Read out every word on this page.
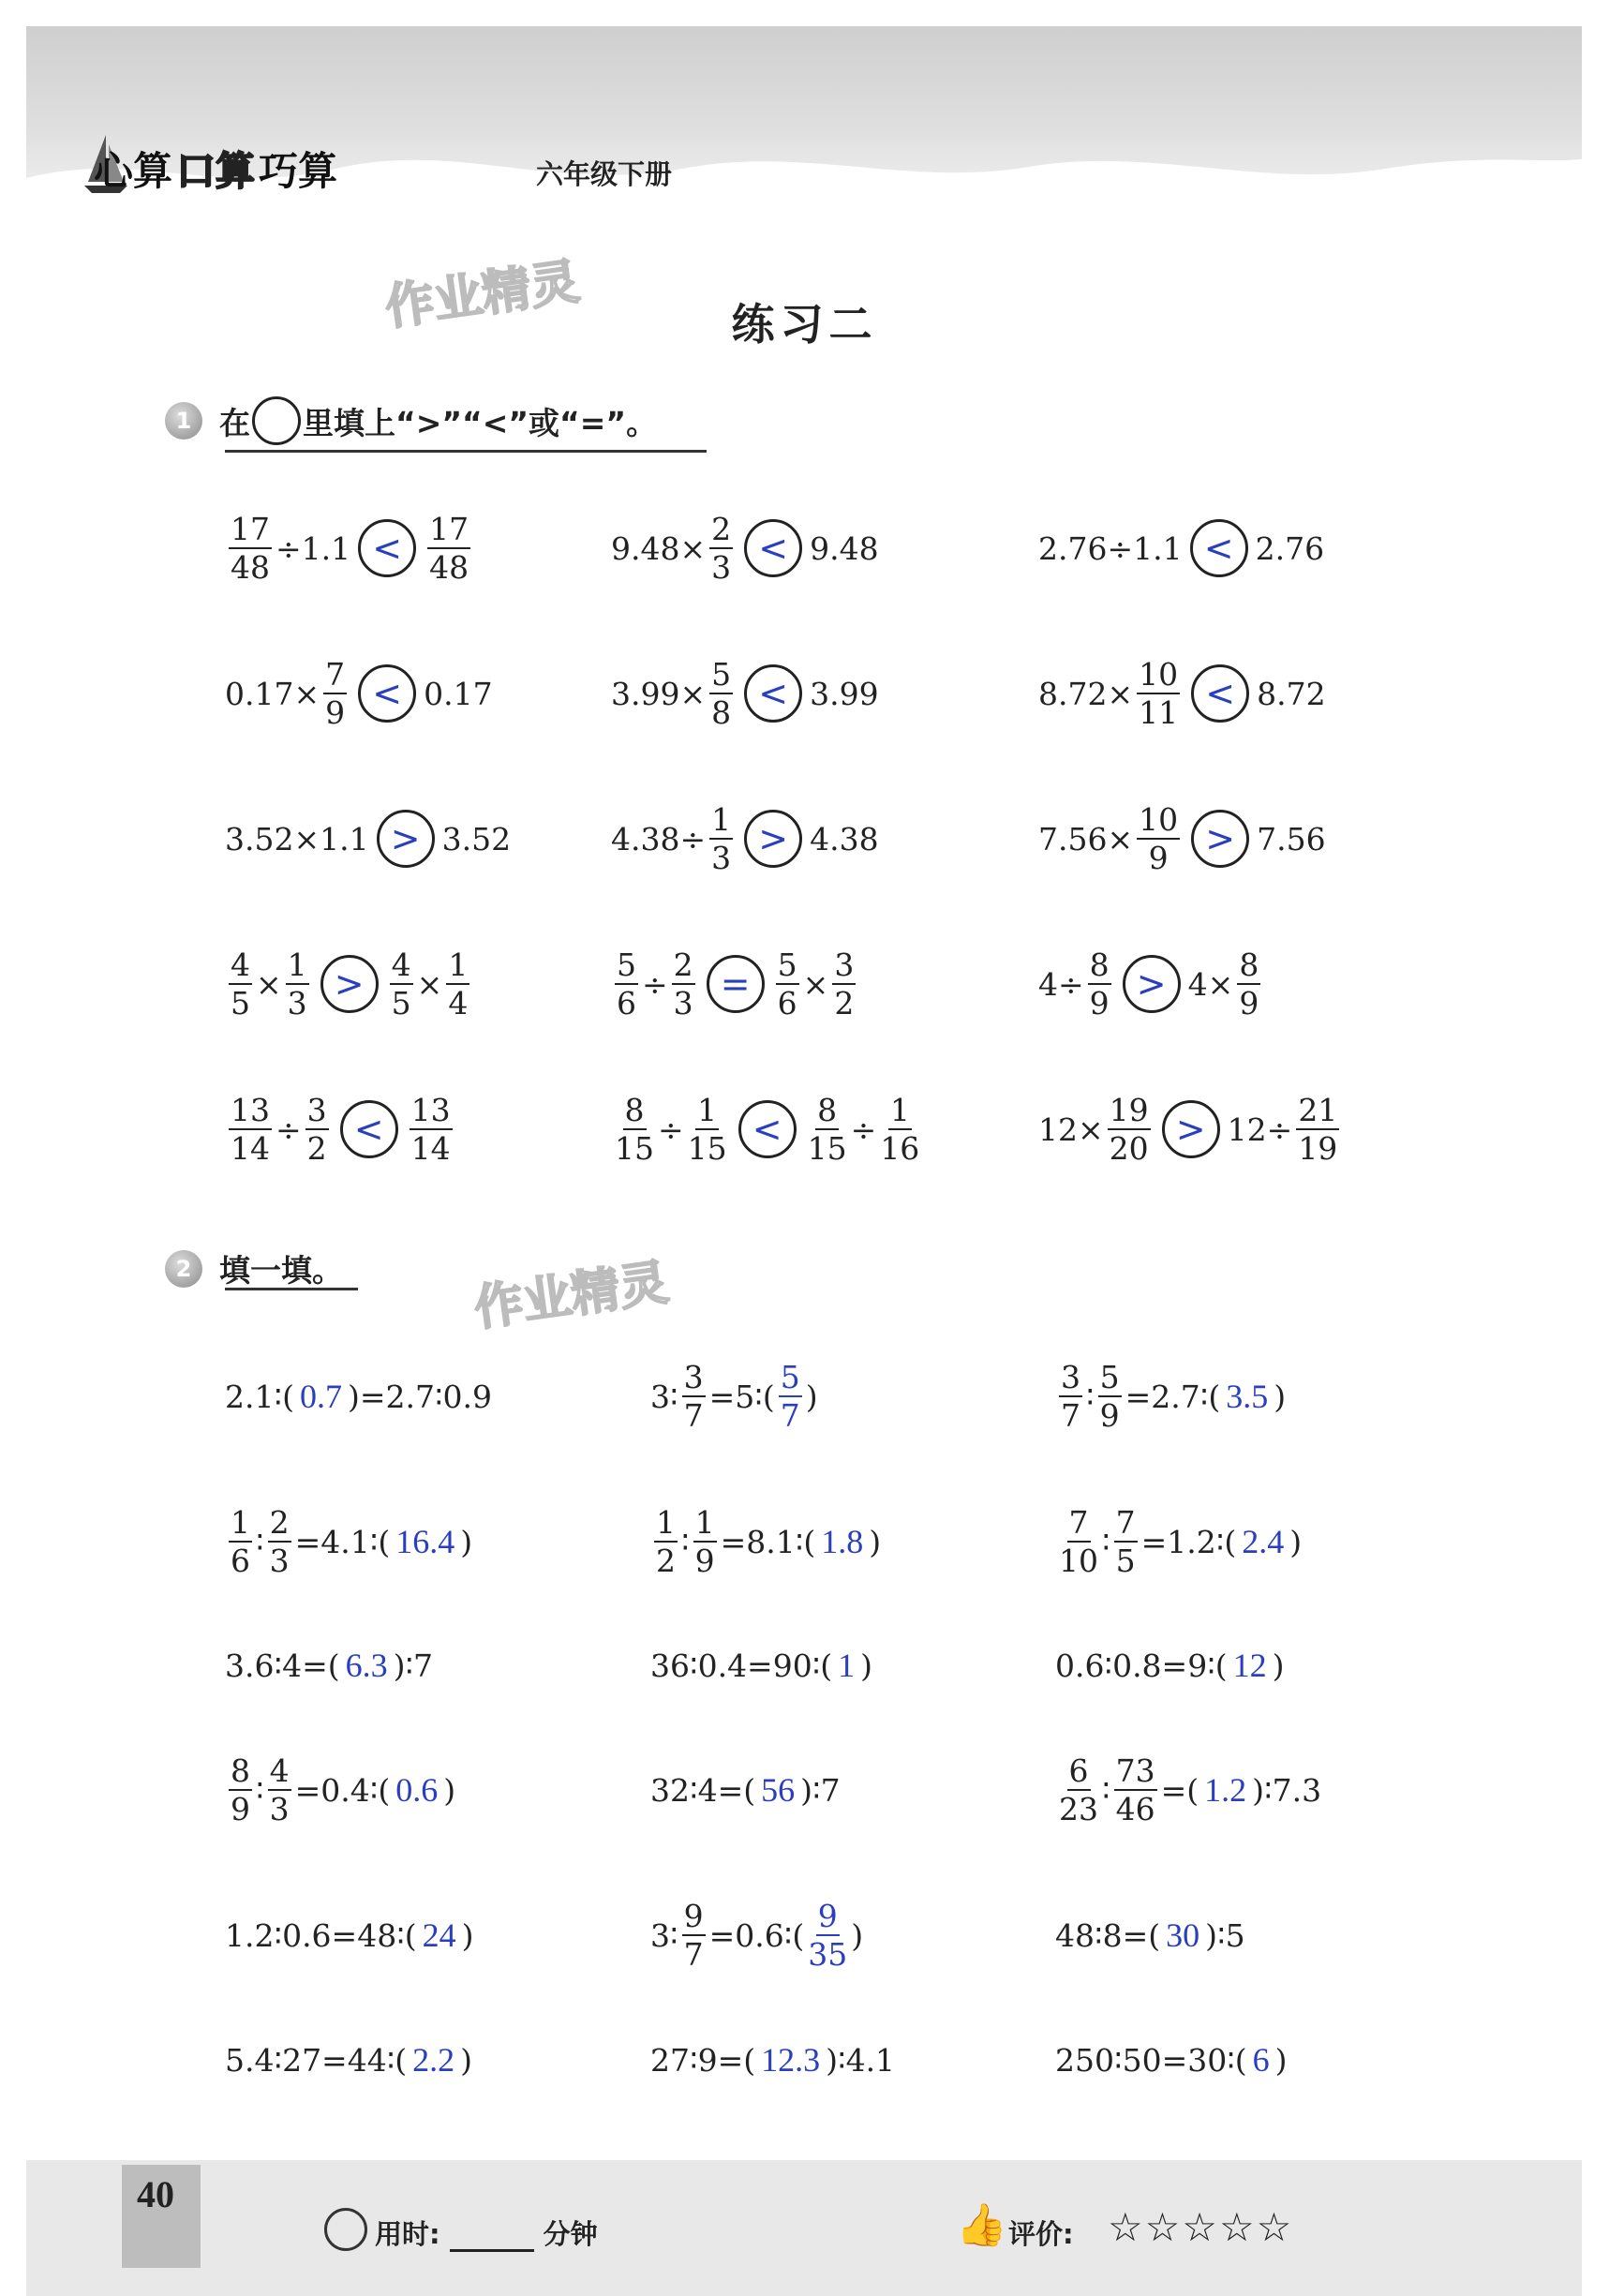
心算 口算 巧算	六年级下册
作业精灵
作业精灵
练习二
1 在 里填上“>”“<”或“=”。
$\frac{17}{48} \div 1.1 < \frac{17}{48}$	$9.48\times \frac{2}{3} < 9.48$	2.76÷1.1 < 2.76
$0.17\times \frac{7}{9} < 0.17$	$3.99\times \frac{5}{8} < 3.99$	$8.72\times \frac{10}{11} < 8.72$
3.52×1.1 > 3.52	$4.38\div \frac{1}{3} > 4.38$	$7.56\times \frac{10}{9} > 7.56$
$\frac{4}{5} \times \frac{1}{3} > \frac{4}{5} \times \frac{1}{4}$	$\frac{5}{6} \div \frac{2}{3} = \frac{5}{6} \times \frac{3}{2}$	$4\div \frac{8}{9} > 4\times \frac{8}{9}$
$\frac{13}{14} \div \frac{3}{2} < \frac{13}{14}$	$\frac{8}{15} \div \frac{1}{15} < \frac{8}{15} \div \frac{1}{16}$	$12\times \frac{19}{20} > 12\div \frac{21}{19}$
2 填一填。
2.1∶( 0.7 )=2.7∶0.9	3∶ $\frac{3}{7}$ =5∶( $\frac{5}{7}$ )	$\frac{3}{7}$ ∶ $\frac{5}{9}$ =2.7∶( 3.5 )
$\frac{1}{6}$ ∶ $\frac{2}{3}$ =4.1∶( 16.4 )	$\frac{1}{2}$ ∶ $\frac{1}{9}$ =8.1∶( 1.8 )	$\frac{7}{10}$ ∶ $\frac{7}{5}$ =1.2∶( 2.4 )
3.6∶4=( 6.3 )∶7	36∶0.4=90∶( 1 )	0.6∶0.8=9∶( 12 )
$\frac{8}{9}$ ∶ $\frac{4}{3}$ =0.4∶( 0.6 )	32∶4=( 56 )∶7	$\frac{6}{23}$ ∶ $\frac{73}{46}$ =( 1.2 )∶7.3
1.2∶0.6=48∶( 24 )	3∶ $\frac{9}{7}$ =0.6∶( $\frac{9}{35}$ )	48∶8=( 30 )∶5
5.4∶27=44∶( 2.2 )	27∶9=( 12.3 )∶4.1	250∶50=30∶( 6 )
40
用时:	分钟	👍 评价: ☆☆☆☆☆
